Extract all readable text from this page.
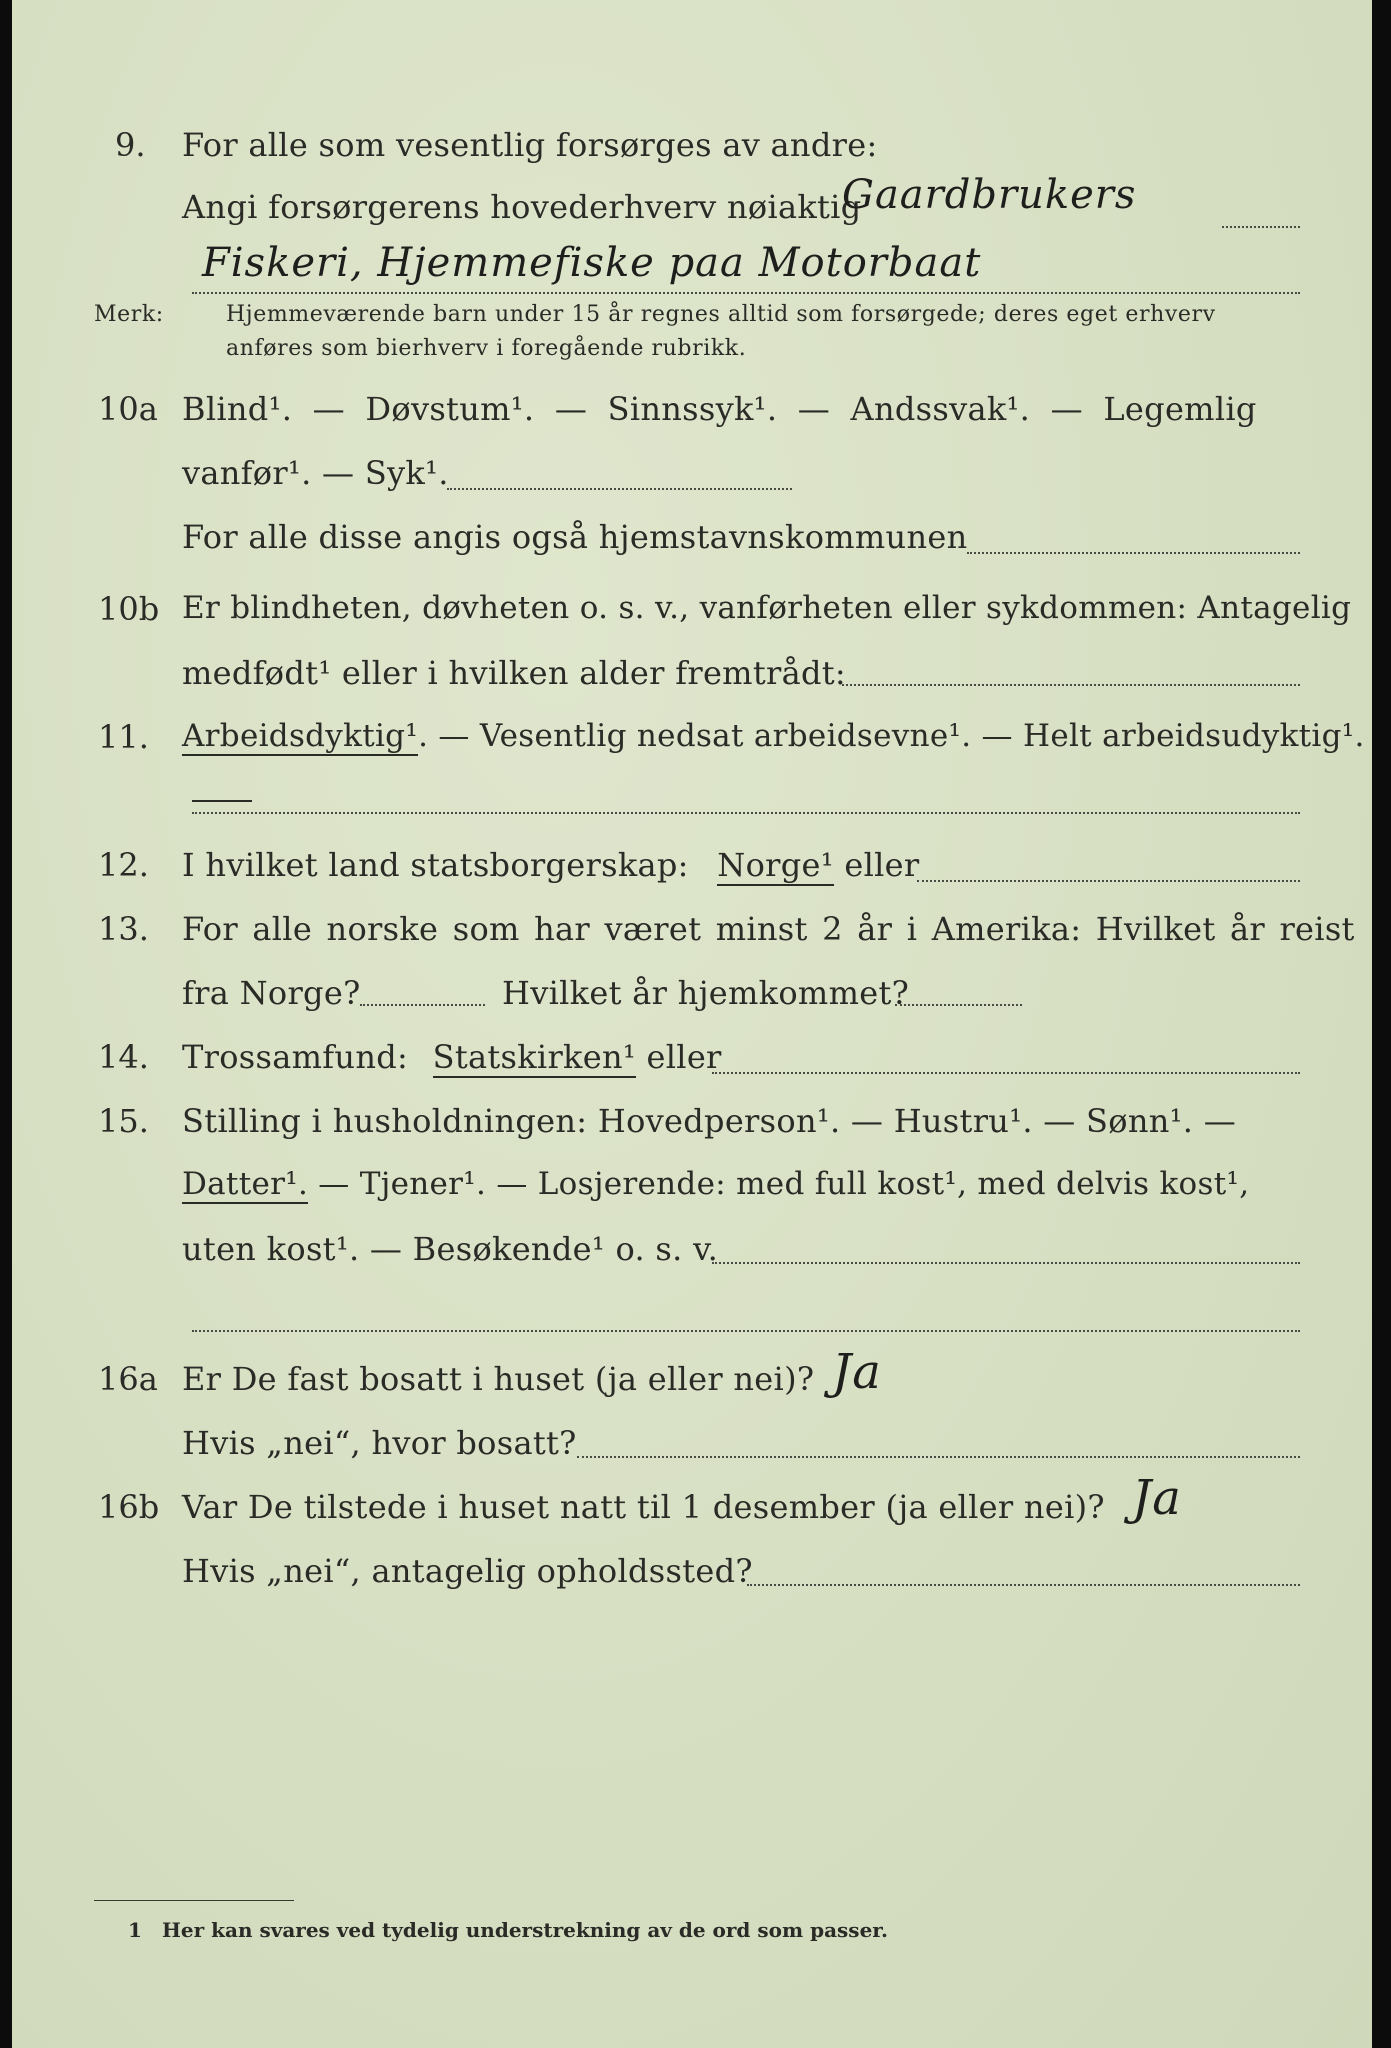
9. For alle som vesentlig forsørges av andre:
Angi forsørgerens hovederhverv nøiaktig
Gaardbrukers
Fiskeri, Hjemmefiske paa Motorbaat
Merk:	Hjemmeværende barn under 15 år regnes alltid som forsørgede; deres eget erhverv
anføres som bierhverv i foregående rubrikk.
10a Blind¹. — Døvstum¹. — Sinnssyk¹. — Andssvak¹. — Legemlig
vanfør¹. — Syk¹.
For alle disse angis også hjemstavnskommunen
10b Er blindheten, døvheten o. s. v., vanførheten eller sykdommen: Antagelig
medfødt¹ eller i hvilken alder fremtrådt:
11. Arbeidsdyktig¹. — Vesentlig nedsat arbeidsevne¹. — Helt arbeidsudyktig¹.
12. I hvilket land statsborgerskap: Norge¹ eller
13. For alle norske som har været minst 2 år i Amerika: Hvilket år reist
fra Norge?	Hvilket år hjemkommet?
14. Trossamfund: Statskirken¹ eller
15. Stilling i husholdningen: Hovedperson¹. — Hustru¹. — Sønn¹. —
Datter¹. — Tjener¹. — Losjerende: med full kost¹, med delvis kost¹,
uten kost¹. — Besøkende¹ o. s. v.
16a Er De fast bosatt i huset (ja eller nei)? Ja
Hvis „nei“, hvor bosatt?
16b Var De tilstede i huset natt til 1 desember (ja eller nei)? Ja
Hvis „nei“, antagelig opholdssted?
1 Her kan svares ved tydelig understrekning av de ord som passer.
